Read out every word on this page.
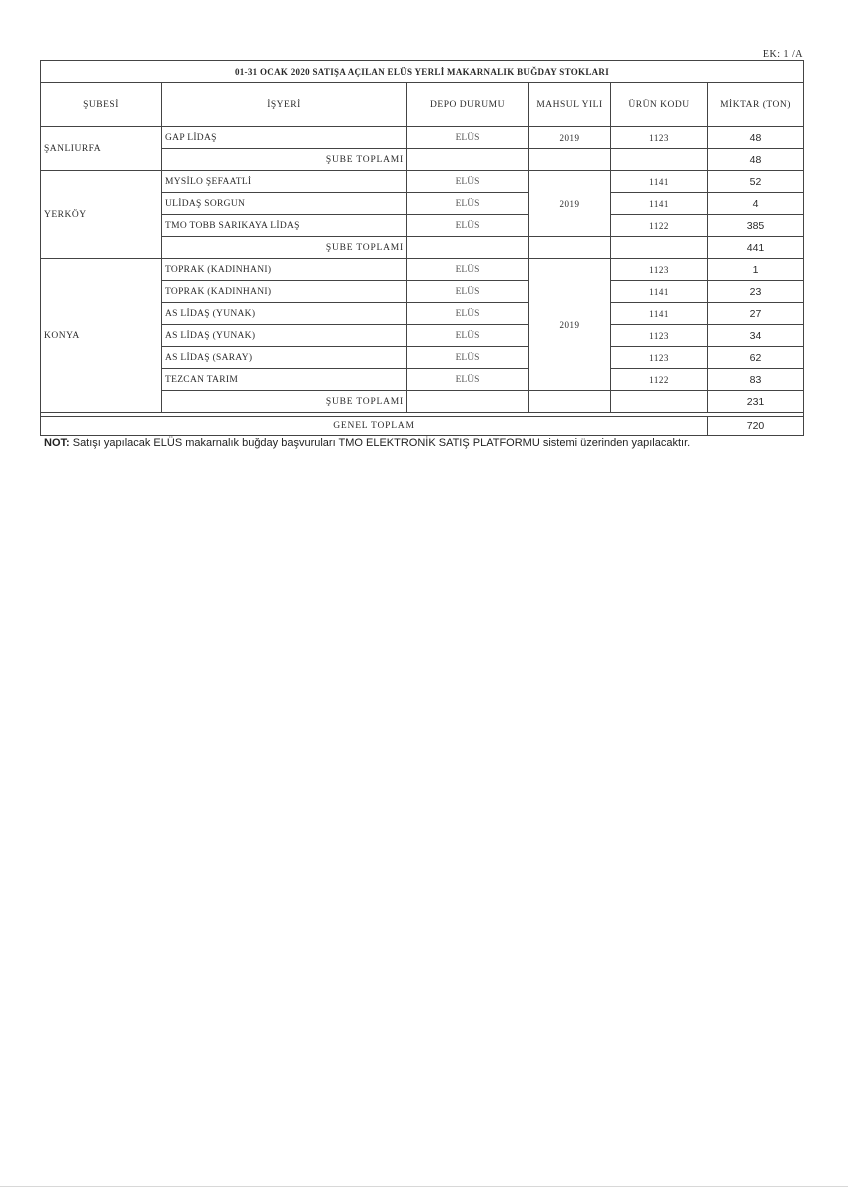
EK: 1 /A
01-31 OCAK 2020 SATIŞA AÇILAN ELÜS YERLİ MAKARNALIK BUĞDAY STOKLARI					
ŞUBESİ	İŞYERİ	DEPO DURUMU	MAHSUL YILI	ÜRÜN KODU	MİKTAR (TON)
ŞANLIURFA	GAP LİDAŞ	ELÜS	2019	1123	48
	ŞUBE TOPLAMI				48
YERKÖY	MYSİLO ŞEFAATLİ	ELÜS	2019	1141	52
	ULİDAŞ SORGUN	ELÜS		1141	4
	TMO TOBB SARIKAYA LİDAŞ	ELÜS		1122	385
	ŞUBE TOPLAMI				441
KONYA	TOPRAK (KADINHANI)	ELÜS	2019	1123	1
	TOPRAK (KADINHANI)	ELÜS		1141	23
	AS LİDAŞ (YUNAK)	ELÜS		1141	27
	AS LİDAŞ (YUNAK)	ELÜS		1123	34
	AS LİDAŞ (SARAY)	ELÜS		1123	62
	TEZCAN TARIM	ELÜS		1122	83
	ŞUBE TOPLAMI				231

GENEL TOPLAM					720
NOT: Satışı yapılacak ELÜS makarnalık buğday başvuruları TMO ELEKTRONİK SATIŞ PLATFORMU sistemi üzerinden yapılacaktır.
